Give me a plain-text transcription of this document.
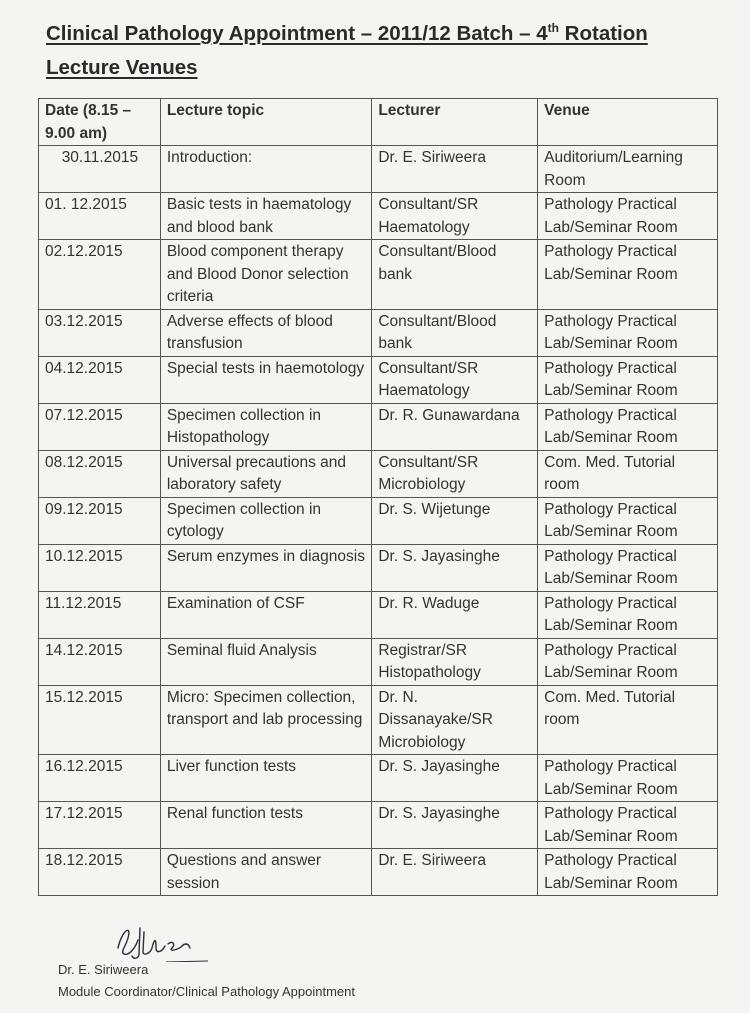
Clinical Pathology Appointment – 2011/12 Batch – 4th Rotation
Lecture Venues
Date (8.15 – 9.00 am)	Lecture topic	Lecturer	Venue
30.11.2015	Introduction:	Dr. E. Siriweera	Auditorium/Learning Room
01. 12.2015	Basic tests in haematology and blood bank	Consultant/SR Haematology	Pathology Practical Lab/Seminar Room
02.12.2015	Blood component therapy and Blood Donor selection criteria	Consultant/Blood bank	Pathology Practical Lab/Seminar Room
03.12.2015	Adverse effects of blood transfusion	Consultant/Blood bank	Pathology Practical Lab/Seminar Room
04.12.2015	Special tests in haemotology	Consultant/SR Haematology	Pathology Practical Lab/Seminar Room
07.12.2015	Specimen collection in Histopathology	Dr. R. Gunawardana	Pathology Practical Lab/Seminar Room
08.12.2015	Universal precautions and laboratory safety	Consultant/SR Microbiology	Com. Med. Tutorial room
09.12.2015	Specimen collection in cytology	Dr. S. Wijetunge	Pathology Practical Lab/Seminar Room
10.12.2015	Serum enzymes in diagnosis	Dr. S. Jayasinghe	Pathology Practical Lab/Seminar Room
11.12.2015	Examination of CSF	Dr. R. Waduge	Pathology Practical Lab/Seminar Room
14.12.2015	Seminal fluid Analysis	Registrar/SR Histopathology	Pathology Practical Lab/Seminar Room
15.12.2015	Micro: Specimen collection, transport and lab processing	Dr. N. Dissanayake/SR Microbiology	Com. Med. Tutorial room
16.12.2015	Liver function tests	Dr. S. Jayasinghe	Pathology Practical Lab/Seminar Room
17.12.2015	Renal function tests	Dr. S. Jayasinghe	Pathology Practical Lab/Seminar Room
18.12.2015	Questions and answer session	Dr. E. Siriweera	Pathology Practical Lab/Seminar Room
Dr. E. Siriweera
Module Coordinator/Clinical Pathology Appointment
